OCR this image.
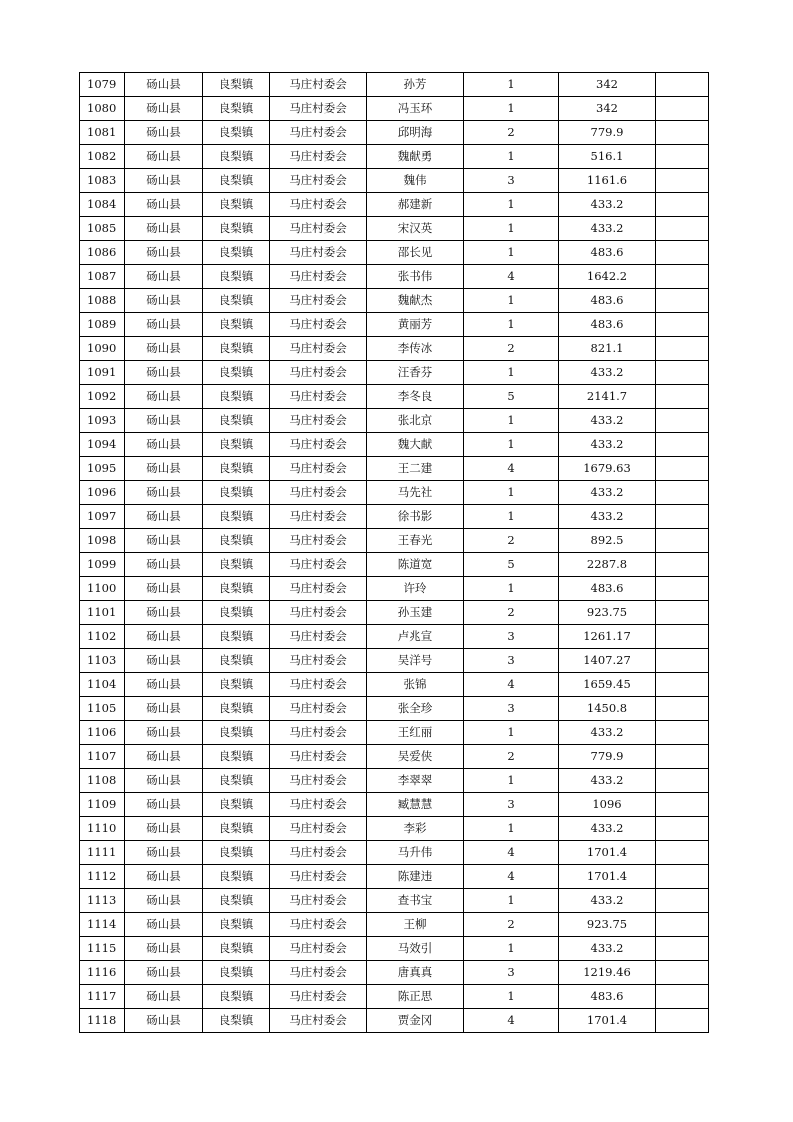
1079	砀山县	良梨镇	马庄村委会	孙芳	1	342	
1080	砀山县	良梨镇	马庄村委会	冯玉环	1	342	
1081	砀山县	良梨镇	马庄村委会	邱明海	2	779.9	
1082	砀山县	良梨镇	马庄村委会	魏献勇	1	516.1	
1083	砀山县	良梨镇	马庄村委会	魏伟	3	1161.6	
1084	砀山县	良梨镇	马庄村委会	郝建新	1	433.2	
1085	砀山县	良梨镇	马庄村委会	宋汉英	1	433.2	
1086	砀山县	良梨镇	马庄村委会	邵长见	1	483.6	
1087	砀山县	良梨镇	马庄村委会	张书伟	4	1642.2	
1088	砀山县	良梨镇	马庄村委会	魏献杰	1	483.6	
1089	砀山县	良梨镇	马庄村委会	黄丽芳	1	483.6	
1090	砀山县	良梨镇	马庄村委会	李传冰	2	821.1	
1091	砀山县	良梨镇	马庄村委会	汪香芬	1	433.2	
1092	砀山县	良梨镇	马庄村委会	李冬良	5	2141.7	
1093	砀山县	良梨镇	马庄村委会	张北京	1	433.2	
1094	砀山县	良梨镇	马庄村委会	魏大献	1	433.2	
1095	砀山县	良梨镇	马庄村委会	王二建	4	1679.63	
1096	砀山县	良梨镇	马庄村委会	马先社	1	433.2	
1097	砀山县	良梨镇	马庄村委会	徐书影	1	433.2	
1098	砀山县	良梨镇	马庄村委会	王春光	2	892.5	
1099	砀山县	良梨镇	马庄村委会	陈道宽	5	2287.8	
1100	砀山县	良梨镇	马庄村委会	许玲	1	483.6	
1101	砀山县	良梨镇	马庄村委会	孙玉建	2	923.75	
1102	砀山县	良梨镇	马庄村委会	卢兆宣	3	1261.17	
1103	砀山县	良梨镇	马庄村委会	吴洋号	3	1407.27	
1104	砀山县	良梨镇	马庄村委会	张锦	4	1659.45	
1105	砀山县	良梨镇	马庄村委会	张全珍	3	1450.8	
1106	砀山县	良梨镇	马庄村委会	王红丽	1	433.2	
1107	砀山县	良梨镇	马庄村委会	吴爱侠	2	779.9	
1108	砀山县	良梨镇	马庄村委会	李翠翠	1	433.2	
1109	砀山县	良梨镇	马庄村委会	臧慧慧	3	1096	
1110	砀山县	良梨镇	马庄村委会	李彩	1	433.2	
1111	砀山县	良梨镇	马庄村委会	马升伟	4	1701.4	
1112	砀山县	良梨镇	马庄村委会	陈建违	4	1701.4	
1113	砀山县	良梨镇	马庄村委会	查书宝	1	433.2	
1114	砀山县	良梨镇	马庄村委会	王柳	2	923.75	
1115	砀山县	良梨镇	马庄村委会	马效引	1	433.2	
1116	砀山县	良梨镇	马庄村委会	唐真真	3	1219.46	
1117	砀山县	良梨镇	马庄村委会	陈正思	1	483.6	
1118	砀山县	良梨镇	马庄村委会	贾金冈	4	1701.4	
